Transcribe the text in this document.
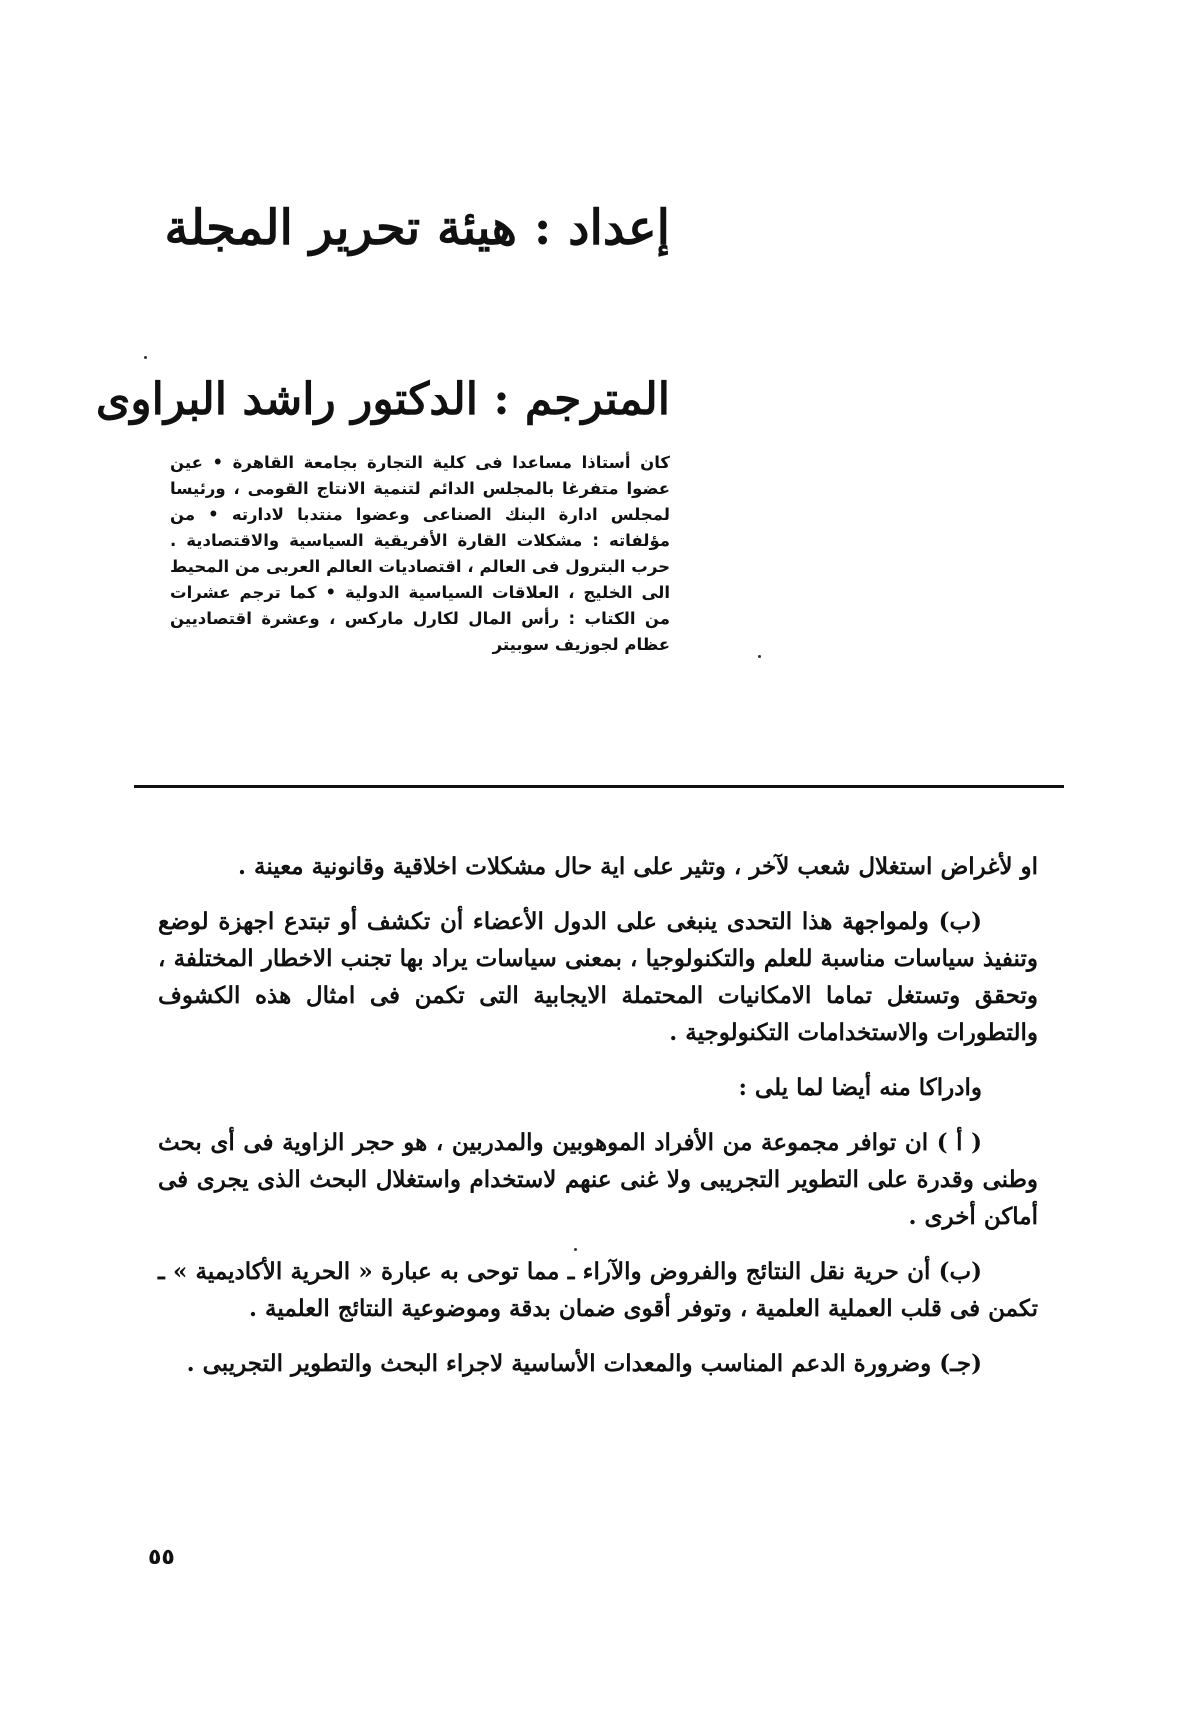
إعداد : هيئة تحرير المجلة
المترجم : الدكتور راشد البراوى
كان أستاذا مساعدا فى كلية التجارة بجامعة القاهرة • عين عضوا متفرغا بالمجلس الدائم لتنمية الانتاج القومى ، ورئيسا لمجلس ادارة البنك الصناعى وعضوا منتدبا لادارته • من مؤلفاته : مشكلات القارة الأفريقية السياسية والاقتصادية . حرب البترول فى العالم ، اقتصاديات العالم العربى من المحيط الى الخليج ، العلاقات السياسية الدولية • كما ترجم عشرات من الكتاب : رأس المال لكارل ماركس ، وعشرة اقتصاديين عظام لجوزيف سوبيتر

او لأغراض استغلال شعب لآخر ، وتثير على اية حال مشكلات اخلاقية وقانونية معينة .

(ب) ولمواجهة هذا التحدى ينبغى على الدول الأعضاء أن تكشف أو تبتدع اجهزة لوضع وتنفيذ سياسات مناسبة للعلم والتكنولوجيا ، بمعنى سياسات يراد بها تجنب الاخطار المختلفة ، وتحقق وتستغل تماما الامكانيات المحتملة الايجابية التى تكمن فى امثال هذه الكشوف والتطورات والاستخدامات التكنولوجية .

وادراكا منه أيضا لما يلى :

( أ ) ان توافر مجموعة من الأفراد الموهوبين والمدربين ، هو حجر الزاوية فى أى بحث وطنى وقدرة على التطوير التجريبى ولا غنى عنهم لاستخدام واستغلال البحث الذى يجرى فى أماكن أخرى .

(ب) أن حرية نقل النتائج والفروض والآراء ـ مما توحى به عبارة « الحرية الأكاديمية » ـ تكمن فى قلب العملية العلمية ، وتوفر أقوى ضمان بدقة وموضوعية النتائج العلمية .

(جـ) وضرورة الدعم المناسب والمعدات الأساسية لاجراء البحث والتطوير التجريبى .

٥٥
